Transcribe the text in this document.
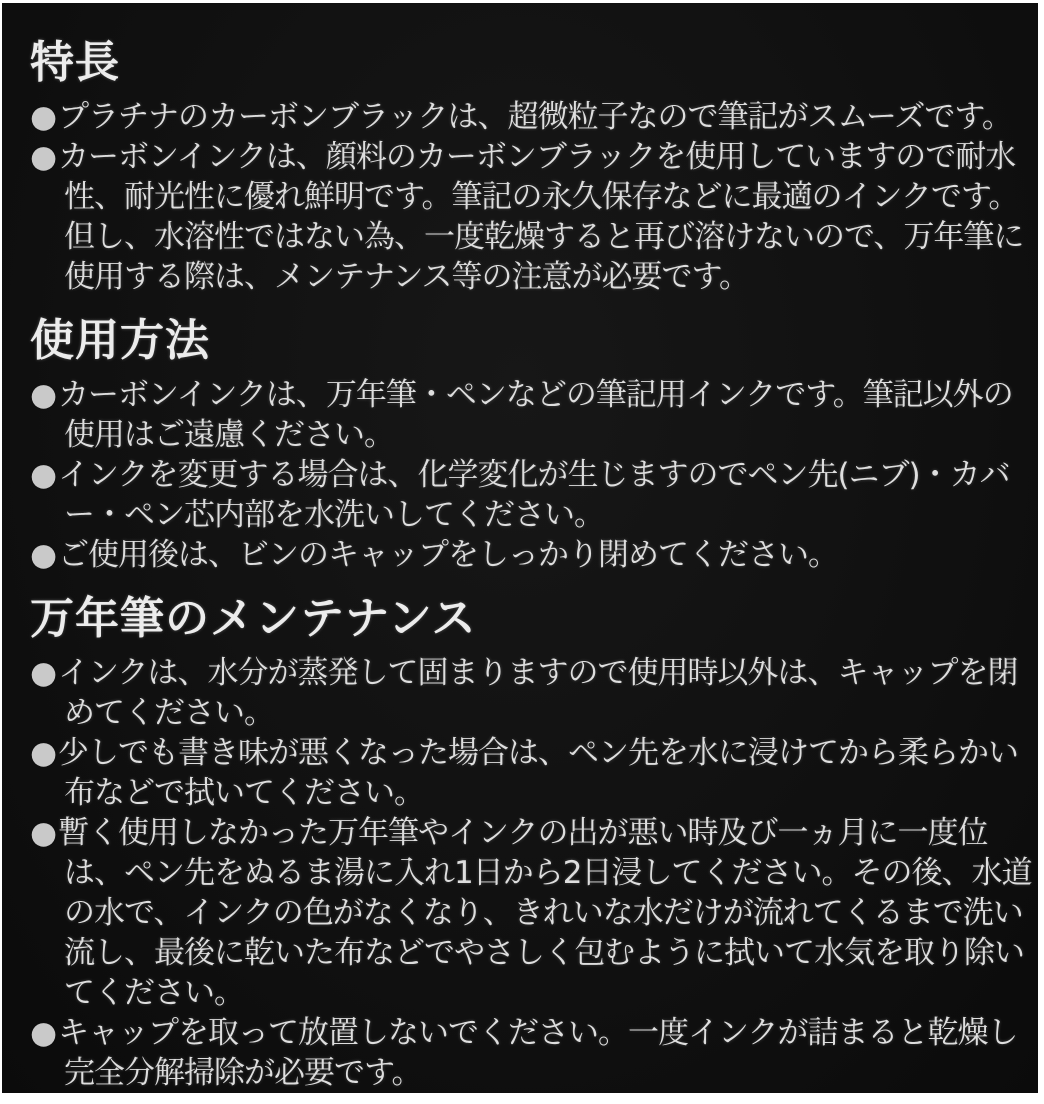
特長
●プラチナのカーボンブラックは、超微粒子なので筆記がスムーズです。
●カーボンインクは、顔料のカーボンブラックを使用していますので耐水性、耐光性に優れ鮮明です。筆記の永久保存などに最適のインクです。但し、水溶性ではない為、一度乾燥すると再び溶けないので、万年筆に使用する際は、メンテナンス等の注意が必要です。
使用方法
●カーボンインクは、万年筆・ペンなどの筆記用インクです。筆記以外の使用はご遠慮ください。
●インクを変更する場合は、化学変化が生じますのでペン先(ニブ)・カバー・ペン芯内部を水洗いしてください。
●ご使用後は、ビンのキャップをしっかり閉めてください。
万年筆のメンテナンス
●インクは、水分が蒸発して固まりますので使用時以外は、キャップを閉めてください。
●少しでも書き味が悪くなった場合は、ペン先を水に浸けてから柔らかい布などで拭いてください。
●暫く使用しなかった万年筆やインクの出が悪い時及び一ヵ月に一度位は、ペン先をぬるま湯に入れ1日から2日浸してください。その後、水道の水で、インクの色がなくなり、きれいな水だけが流れてくるまで洗い流し、最後に乾いた布などでやさしく包むように拭いて水気を取り除いてください。
●キャップを取って放置しないでください。一度インクが詰まると乾燥し完全分解掃除が必要です。
